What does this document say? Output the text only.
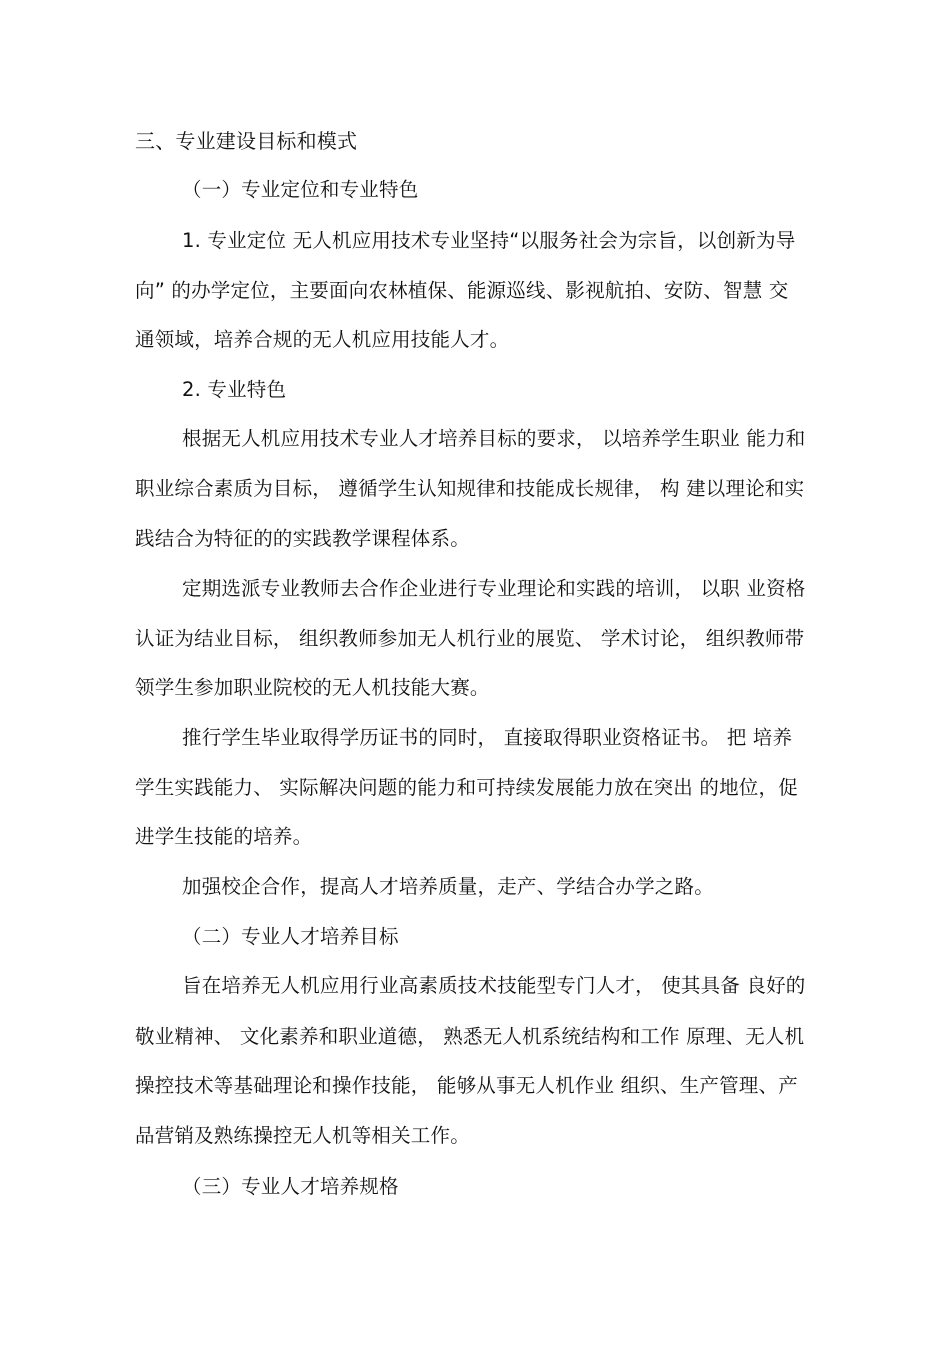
三、专业建设目标和模式
（一）专业定位和专业特色
1. 专业定位 无人机应用技术专业坚持“以服务社会为宗旨，以创新为导
向” 的办学定位，主要面向农林植保、能源巡线、影视航拍、安防、智慧 交
通领域，培养合规的无人机应用技能人才。
2. 专业特色
根据无人机应用技术专业人才培养目标的要求， 以培养学生职业 能力和
职业综合素质为目标， 遵循学生认知规律和技能成长规律， 构 建以理论和实
践结合为特征的的实践教学课程体系。
定期选派专业教师去合作企业进行专业理论和实践的培训， 以职 业资格
认证为结业目标， 组织教师参加无人机行业的展览、 学术讨论， 组织教师带
领学生参加职业院校的无人机技能大赛。
推行学生毕业取得学历证书的同时， 直接取得职业资格证书。 把 培养
学生实践能力、 实际解决问题的能力和可持续发展能力放在突出 的地位，促
进学生技能的培养。
加强校企合作，提高人才培养质量，走产、学结合办学之路。
（二）专业人才培养目标
旨在培养无人机应用行业高素质技术技能型专门人才， 使其具备 良好的
敬业精神、 文化素养和职业道德， 熟悉无人机系统结构和工作 原理、无人机
操控技术等基础理论和操作技能， 能够从事无人机作业 组织、生产管理、产
品营销及熟练操控无人机等相关工作。
（三）专业人才培养规格
